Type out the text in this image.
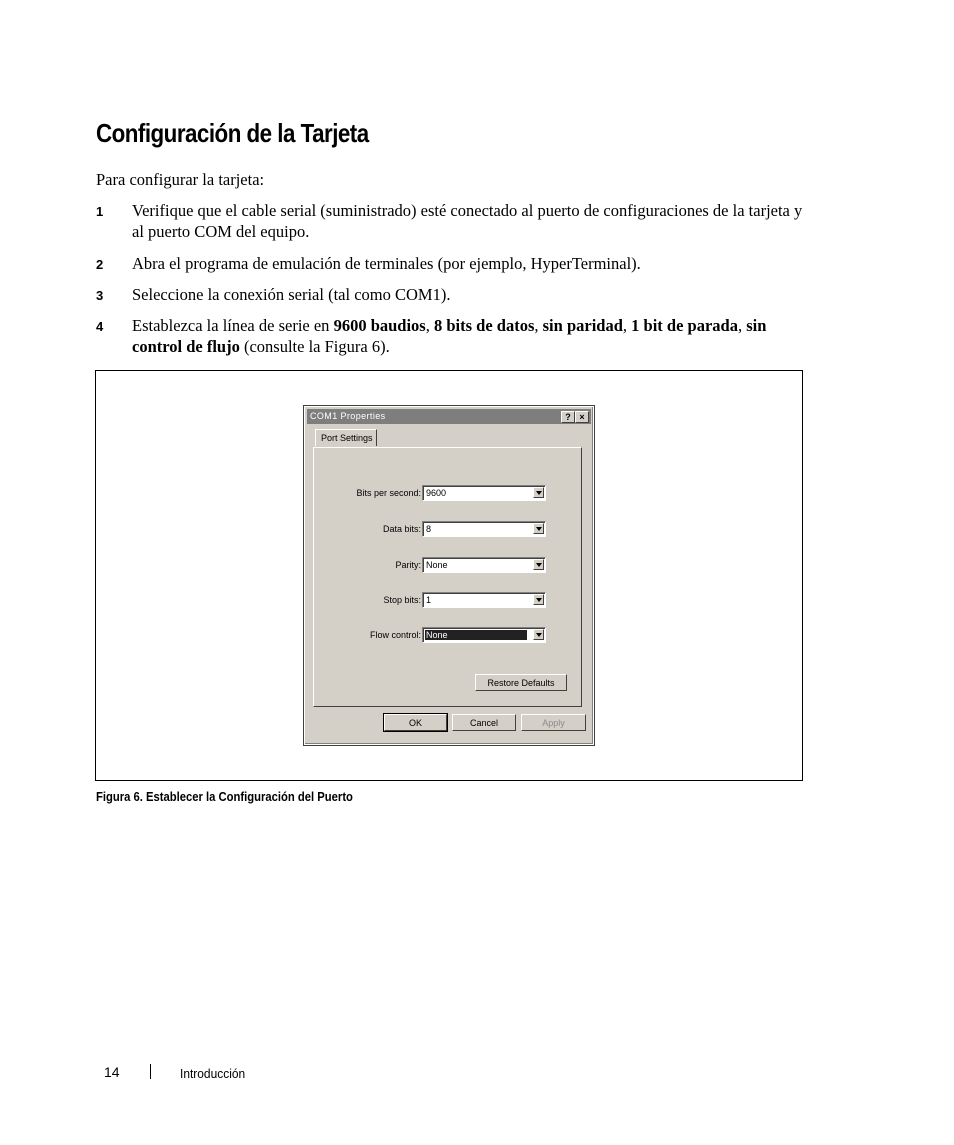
Configuración de la Tarjeta
Para configurar la tarjeta:
1 Verifique que el cable serial (suministrado) esté conectado al puerto de configuraciones de la tarjeta y al puerto COM del equipo.
2 Abra el programa de emulación de terminales (por ejemplo, HyperTerminal).
3 Seleccione la conexión serial (tal como COM1).
4 Establezca la línea de serie en 9600 baudios, 8 bits de datos, sin paridad, 1 bit de parada, sin control de flujo (consulte la Figura 6).
COM1 Properties	? ×
Port Settings
Bits per second: 9600
Data bits: 8
Parity: None
Stop bits: 1
Flow control: None
Restore Defaults
OK	Cancel	Apply
Figura 6. Establecer la Configuración del Puerto
14	Introducción
